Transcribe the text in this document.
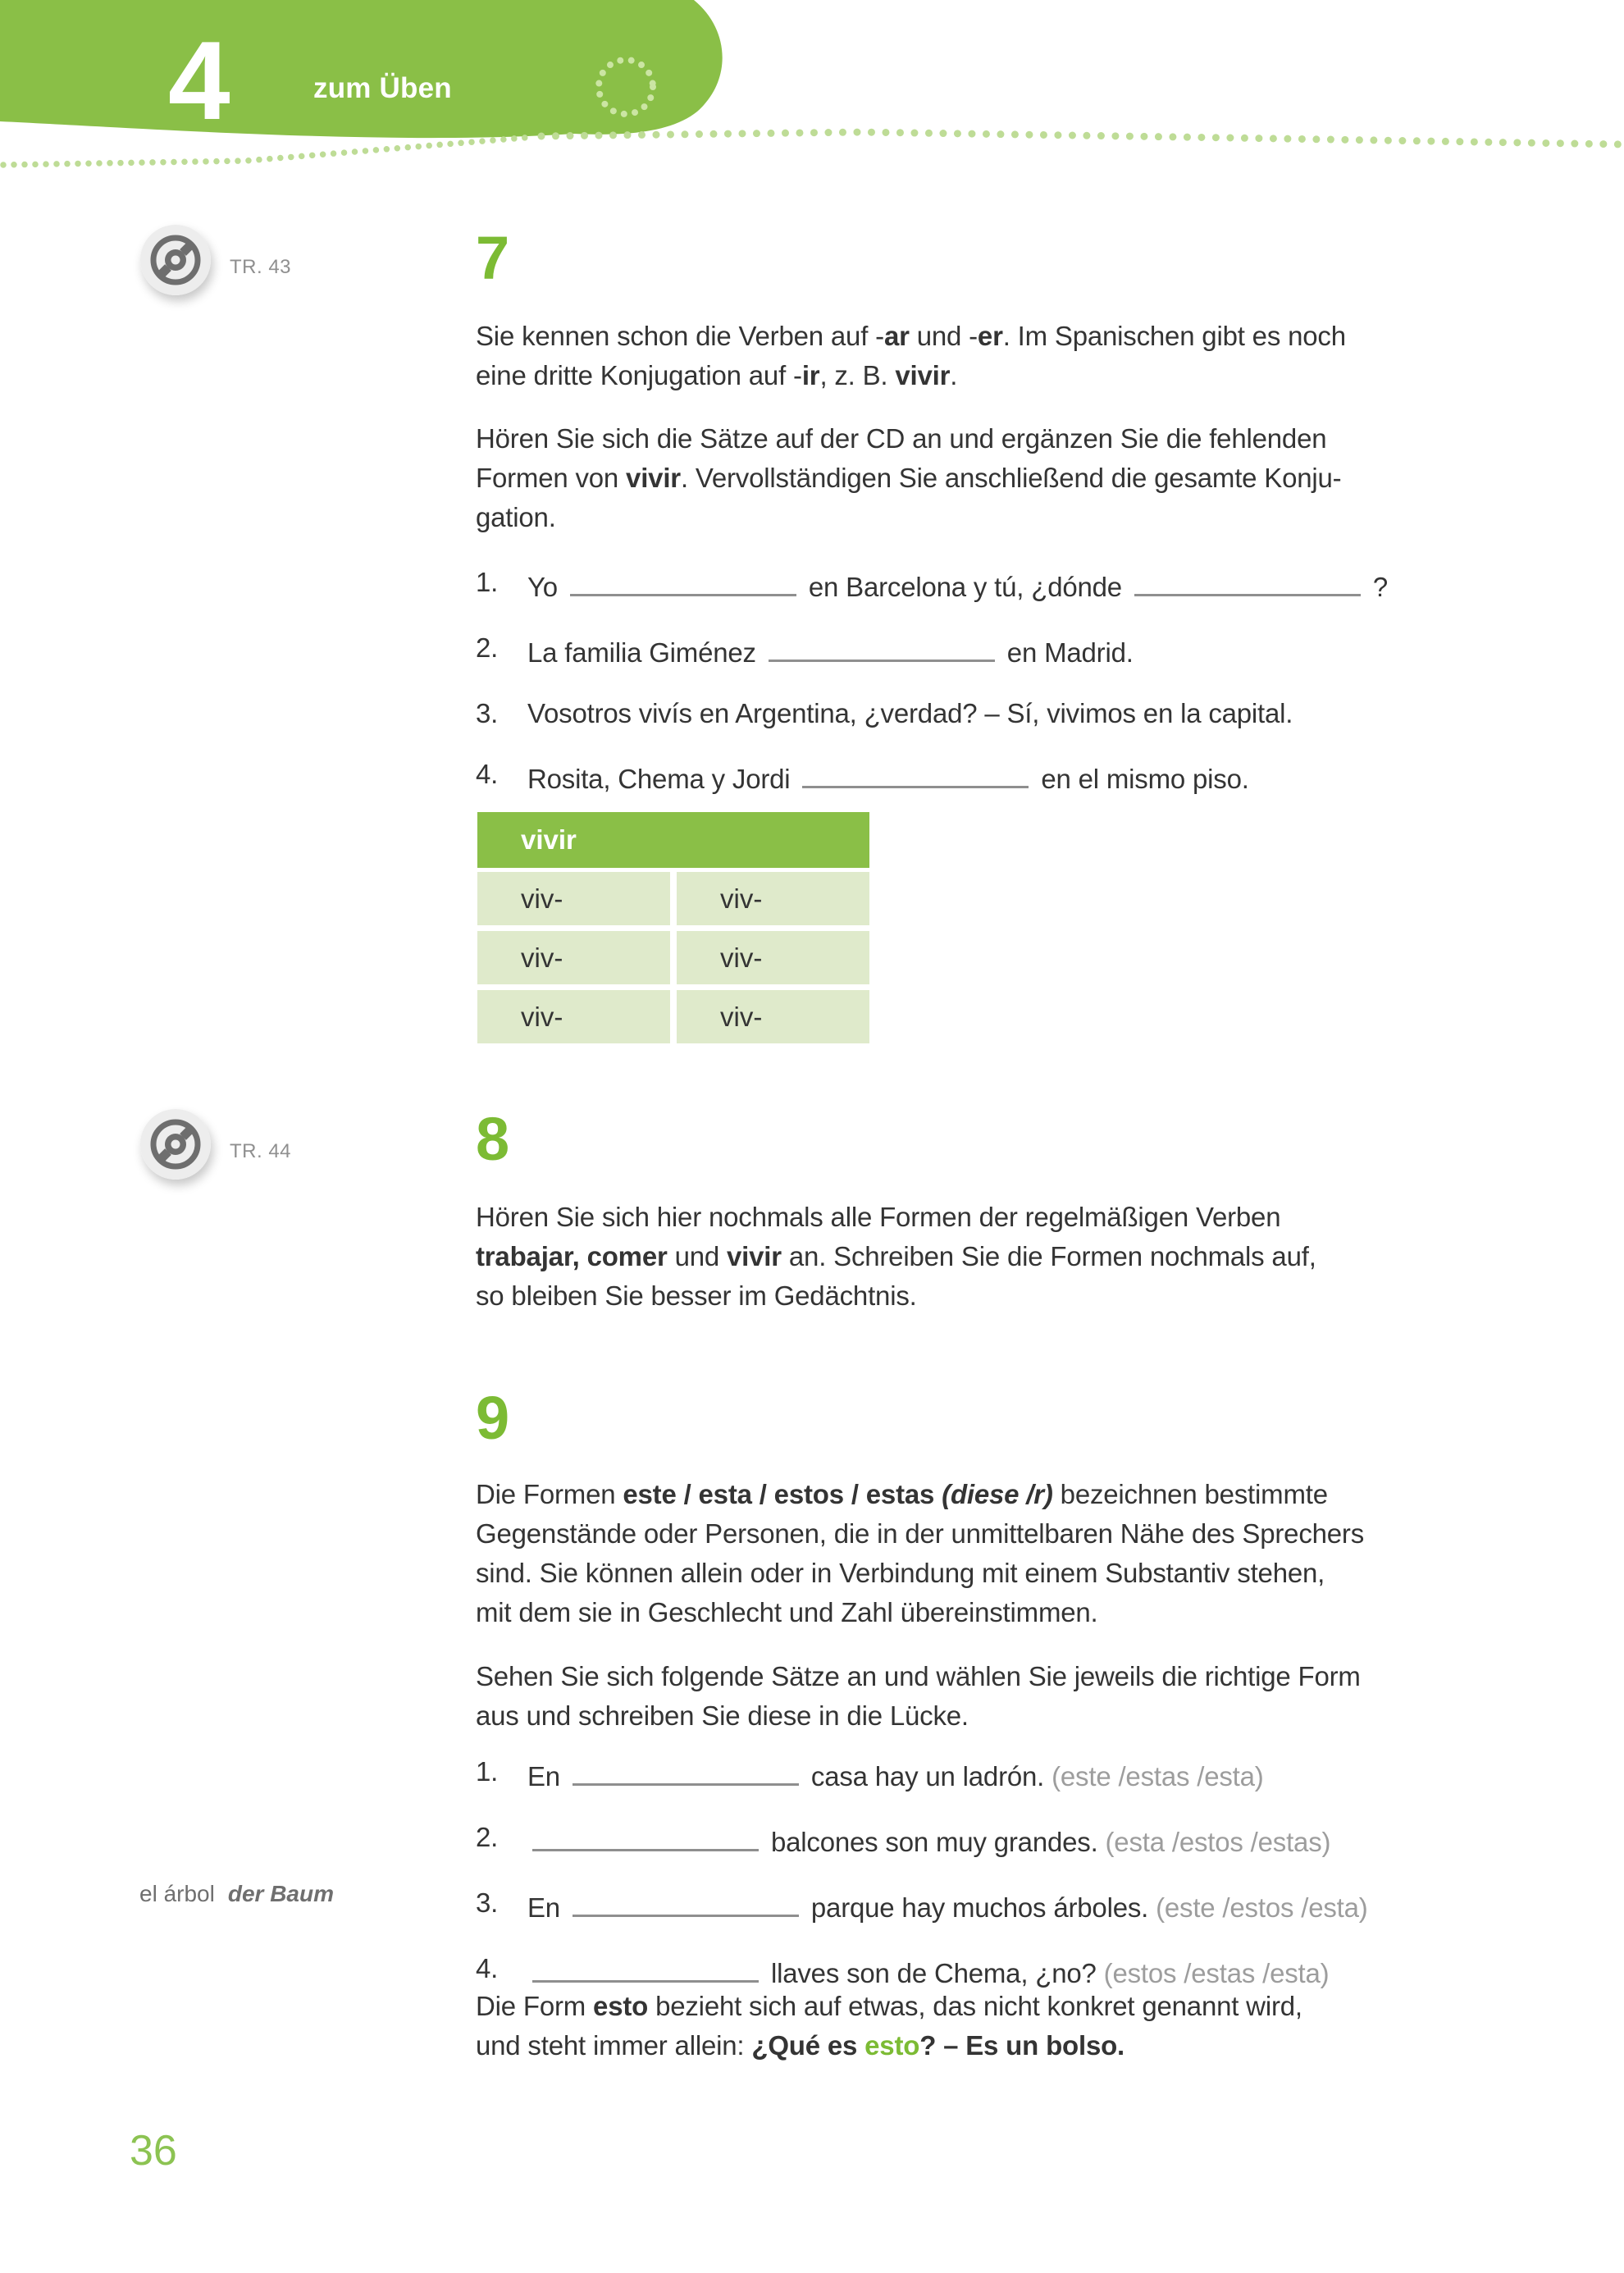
4	zum Üben
TR. 43	7
Sie kennen schon die Verben auf -ar und -er. Im Spanischen gibt es noch
eine dritte Konjugation auf -ir, z. B. vivir.
Hören Sie sich die Sätze auf der CD an und ergänzen Sie die fehlenden
Formen von vivir. Vervollständigen Sie anschließend die gesamte Konju-
gation.
1. Yo	en Barcelona y tú, ¿dónde	?
2. La familia Giménez	en Madrid.
3. Vosotros vivís en Argentina, ¿verdad? – Sí, vivimos en la capital.
4. Rosita, Chema y Jordi	en el mismo piso.
vivir
viv-	viv-
viv-	viv-
viv-	viv-
TR. 44	8
Hören Sie sich hier nochmals alle Formen der regelmäßigen Verben
trabajar, comer und vivir an. Schreiben Sie die Formen nochmals auf,
so bleiben Sie besser im Gedächtnis.
9
Die Formen este / esta / estos / estas (diese /r) bezeichnen bestimmte
Gegenstände oder Personen, die in der unmittelbaren Nähe des Sprechers
sind. Sie können allein oder in Verbindung mit einem Substantiv stehen,
mit dem sie in Geschlecht und Zahl übereinstimmen.
Sehen Sie sich folgende Sätze an und wählen Sie jeweils die richtige Form
aus und schreiben Sie diese in die Lücke.
1. En	casa hay un ladrón. (este /estas /esta)
2.	balcones son muy grandes. (esta /estos /estas)
3. En	parque hay muchos árboles. (este /estos /esta)
4.	llaves son de Chema, ¿no? (estos /estas /esta)
Die Form esto bezieht sich auf etwas, das nicht konkret genannt wird,
und steht immer allein: ¿Qué es esto? – Es un bolso.
el árbol der Baum
36
